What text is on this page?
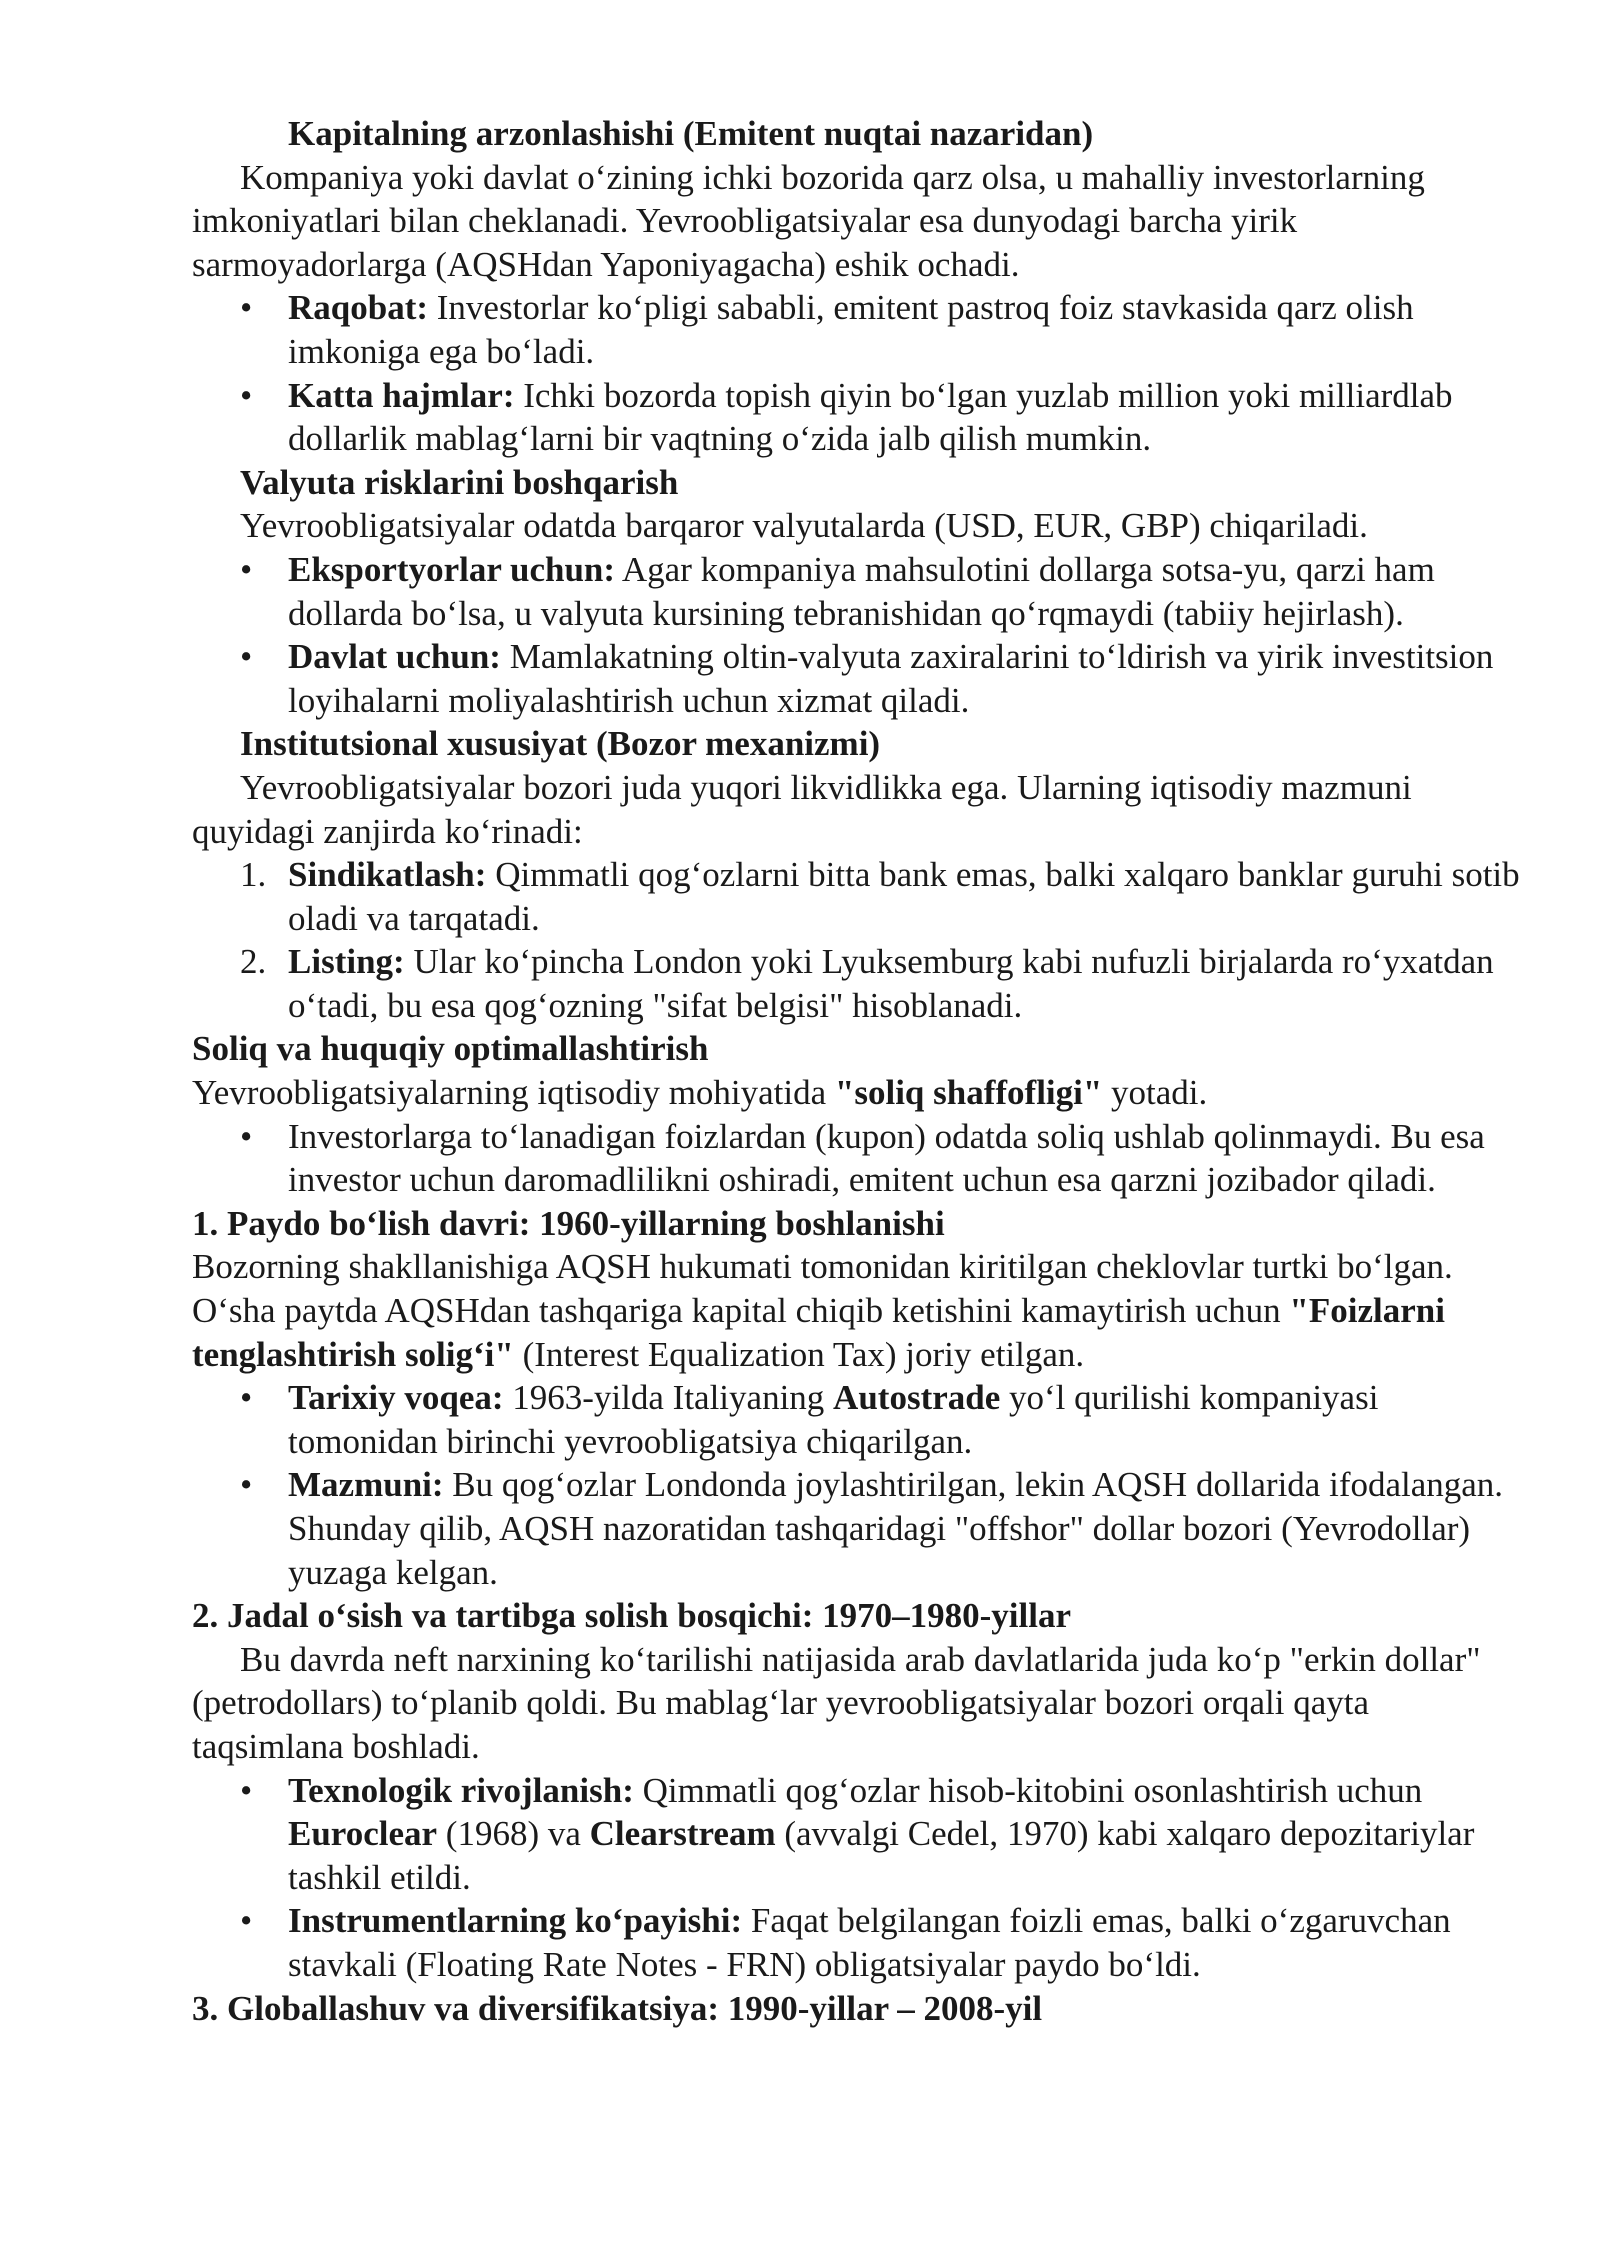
Kapitalning arzonlashishi (Emitent nuqtai nazaridan)

Kompaniya yoki davlat o‘zining ichki bozorida qarz olsa, u mahalliy investorlarning imkoniyatlari bilan cheklanadi. Yevroobligatsiyalar esa dunyodagi barcha yirik sarmoyadorlarga (AQSHdan Yaponiyagacha) eshik ochadi.

•	Raqobat: Investorlar ko‘pligi sababli, emitent pastroq foiz stavkasida qarz olish imkoniga ega bo‘ladi.
•	Katta hajmlar: Ichki bozorda topish qiyin bo‘lgan yuzlab million yoki milliardlab dollarlik mablag‘larni bir vaqtning o‘zida jalb qilish mumkin.

Valyuta risklarini boshqarish

Yevroobligatsiyalar odatda barqaror valyutalarda (USD, EUR, GBP) chiqariladi.

•	Eksportyorlar uchun: Agar kompaniya mahsulotini dollarga sotsa-yu, qarzi ham dollarda bo‘lsa, u valyuta kursining tebranishidan qo‘rqmaydi (tabiiy hejirlash).
•	Davlat uchun: Mamlakatning oltin-valyuta zaxiralarini to‘ldirish va yirik investitsion loyihalarni moliyalashtirish uchun xizmat qiladi.

Institutsional xususiyat (Bozor mexanizmi)

Yevroobligatsiyalar bozori juda yuqori likvidlikka ega. Ularning iqtisodiy mazmuni quyidagi zanjirda ko‘rinadi:

1. Sindikatlash: Qimmatli qog‘ozlarni bitta bank emas, balki xalqaro banklar guruhi sotib oladi va tarqatadi.
2. Listing: Ular ko‘pincha London yoki Lyuksemburg kabi nufuzli birjalarda ro‘yxatdan o‘tadi, bu esa qog‘ozning "sifat belgisi" hisoblanadi.

Soliq va huquqiy optimallashtirish

Yevroobligatsiyalarning iqtisodiy mohiyatida "soliq shaffofligi" yotadi.

•	Investorlarga to‘lanadigan foizlardan (kupon) odatda soliq ushlab qolinmaydi. Bu esa investor uchun daromadlilikni oshiradi, emitent uchun esa qarzni jozibador qiladi.

1. Paydo bo‘lish davri: 1960-yillarning boshlanishi

Bozorning shakllanishiga AQSH hukumati tomonidan kiritilgan cheklovlar turtki bo‘lgan. O‘sha paytda AQSHdan tashqariga kapital chiqib ketishini kamaytirish uchun "Foizlarni tenglashtirish solig‘i" (Interest Equalization Tax) joriy etilgan.

•	Tarixiy voqea: 1963-yilda Italiyaning Autostrade yo‘l qurilishi kompaniyasi tomonidan birinchi yevroobligatsiya chiqarilgan.
•	Mazmuni: Bu qog‘ozlar Londonda joylashtirilgan, lekin AQSH dollarida ifodalangan. Shunday qilib, AQSH nazoratidan tashqaridagi "offshor" dollar bozori (Yevrodollar) yuzaga kelgan.

2. Jadal o‘sish va tartibga solish bosqichi: 1970–1980-yillar

Bu davrda neft narxining ko‘tarilishi natijasida arab davlatlarida juda ko‘p "erkin dollar" (petrodollars) to‘planib qoldi. Bu mablag‘lar yevroobligatsiyalar bozori orqali qayta taqsimlana boshladi.

•	Texnologik rivojlanish: Qimmatli qog‘ozlar hisob-kitobini osonlashtirish uchun Euroclear (1968) va Clearstream (avvalgi Cedel, 1970) kabi xalqaro depozitariylar tashkil etildi.
•	Instrumentlarning ko‘payishi: Faqat belgilangan foizli emas, balki o‘zgaruvchan stavkali (Floating Rate Notes - FRN) obligatsiyalar paydo bo‘ldi.

3. Globallashuv va diversifikatsiya: 1990-yillar – 2008-yil
